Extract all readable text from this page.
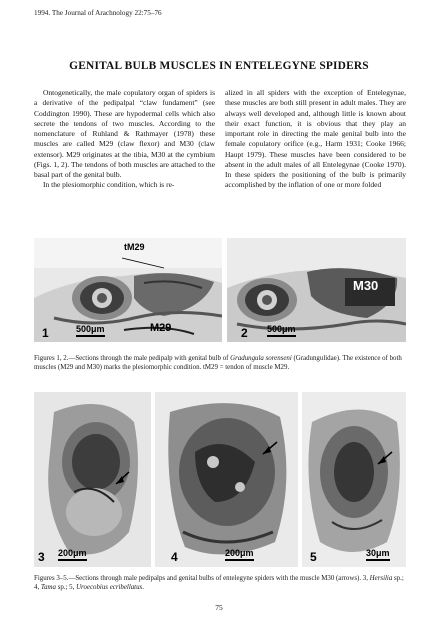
1994. The Journal of Arachnology 22:75–76
GENITAL BULB MUSCLES IN ENTELEGYNE SPIDERS

Ontogenetically, the male copulatory organ of spiders is a derivative of the pedipalpal “claw fundament” (see Coddington 1990). These are hypodermal cells which also secrete the tendons of two muscles. According to the nomenclature of Ruhland & Rathmayer (1978) these muscles are called M29 (claw flexor) and M30 (claw extensor). M29 originates at the tibia, M30 at the cymbium (Figs. 1, 2). The tendons of both muscles are attached to the basal part of the genital bulb.

In the plesiomorphic condition, which is re-

alized in all spiders with the exception of Entelegynae, these muscles are both still present in adult males. They are always well developed and, although little is known about their exact function, it is obvious that they play an important role in directing the male genital bulb into the female copulatory orifice (e.g., Harm 1931; Cooke 1966; Haupt 1979). These muscles have been considered to be absent in the adult males of all Entelegynae (Cooke 1970). In these spiders the positioning of the bulb is primarily accomplished by the inflation of one or more folded

tM29
M29
1	500μm
M30
2 500μm
Figures 1, 2.—Sections through the male pedipalp with genital bulb of Gradungula sorenseni (Gradungulidae). The existence of both muscles (M29 and M30) marks the plesiomorphic condition. tM29 = tendon of muscle M29.
3 200μm	4	200μm	5	30μm
Figures 3–5.—Sections through male pedipalps and genital bulbs of entelegyne spiders with the muscle M30 (arrows). 3, Hersilia sp.; 4, Tama sp.; 5, Uroecobius ecribellatus.
75
